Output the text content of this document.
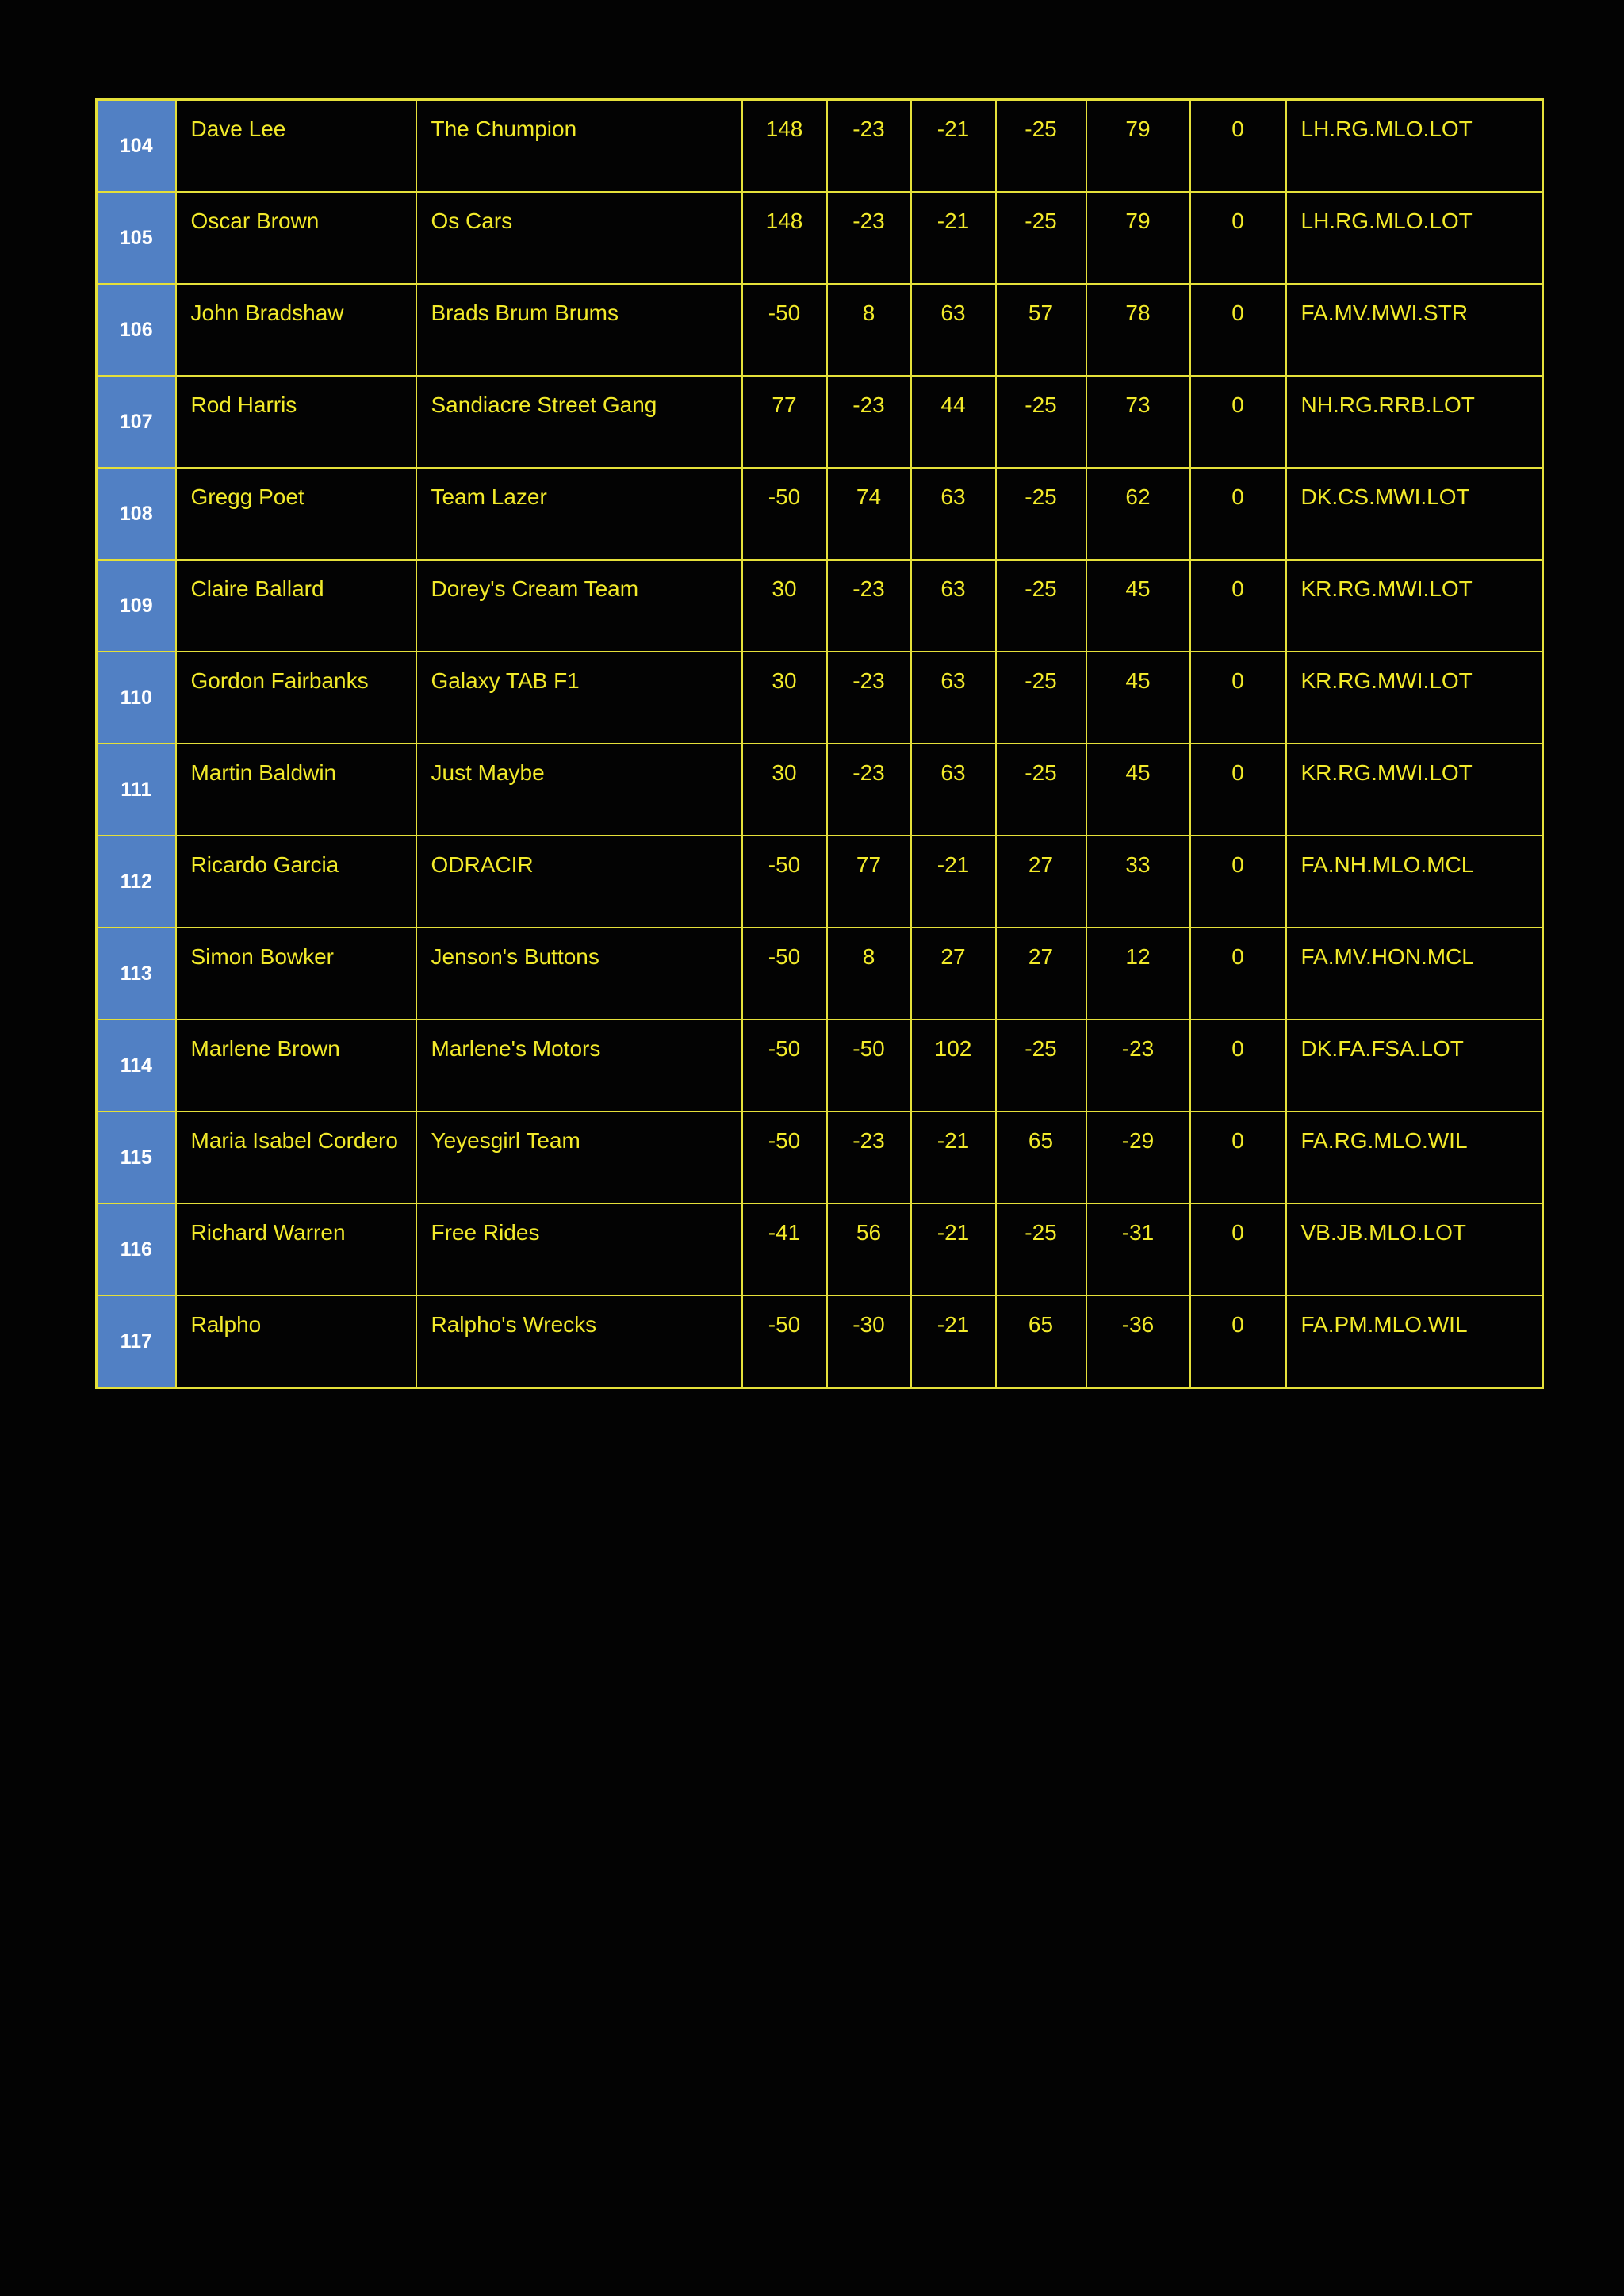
104	Dave Lee	The Chumpion	148	-23	-21	-25	79	0	LH.RG.MLO.LOT
105	Oscar Brown	Os Cars	148	-23	-21	-25	79	0	LH.RG.MLO.LOT
106	John Bradshaw	Brads Brum Brums	-50	8	63	57	78	0	FA.MV.MWI.STR
107	Rod Harris	Sandiacre Street Gang	77	-23	44	-25	73	0	NH.RG.RRB.LOT
108	Gregg Poet	Team Lazer	-50	74	63	-25	62	0	DK.CS.MWI.LOT
109	Claire Ballard	Dorey's Cream Team	30	-23	63	-25	45	0	KR.RG.MWI.LOT
110	Gordon Fairbanks	Galaxy TAB F1	30	-23	63	-25	45	0	KR.RG.MWI.LOT
111	Martin Baldwin	Just Maybe	30	-23	63	-25	45	0	KR.RG.MWI.LOT
112	Ricardo Garcia	ODRACIR	-50	77	-21	27	33	0	FA.NH.MLO.MCL
113	Simon Bowker	Jenson's Buttons	-50	8	27	27	12	0	FA.MV.HON.MCL
114	Marlene Brown	Marlene's Motors	-50	-50	102	-25	-23	0	DK.FA.FSA.LOT
115	Maria Isabel Cordero	Yeyesgirl Team	-50	-23	-21	65	-29	0	FA.RG.MLO.WIL
116	Richard Warren	Free Rides	-41	56	-21	-25	-31	0	VB.JB.MLO.LOT
117	Ralpho	Ralpho's Wrecks	-50	-30	-21	65	-36	0	FA.PM.MLO.WIL
